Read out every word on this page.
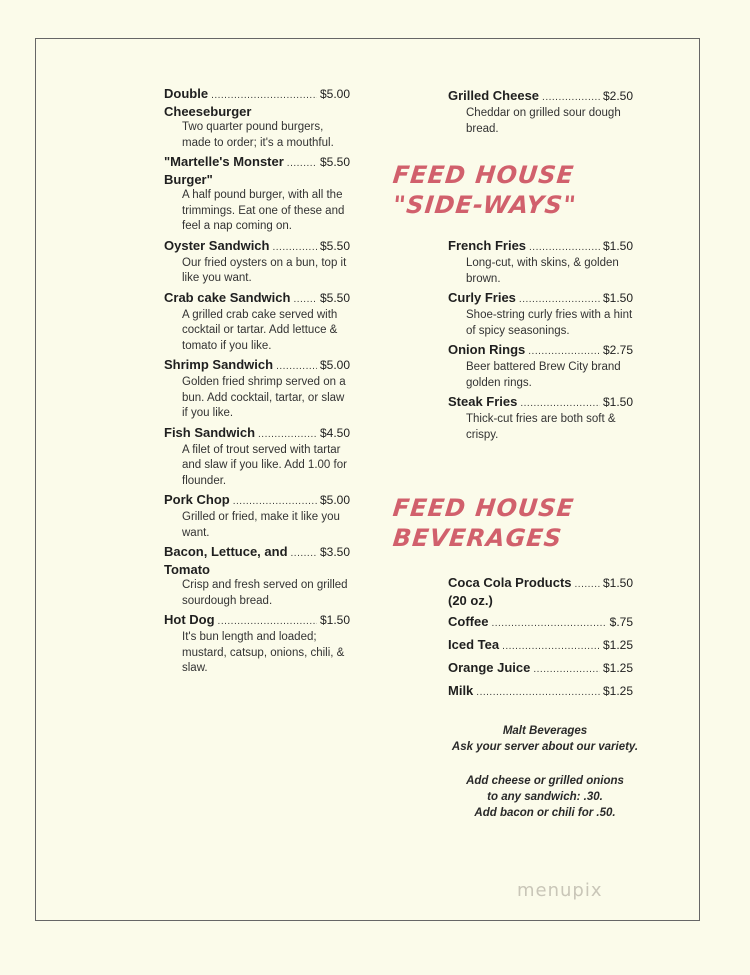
Double .....	$5.00
Cheeseburger
Two quarter pound burgers, made to order; it's a mouthful.
"Martelle's Monster .....	$5.50
Burger"
A half pound burger, with all the trimmings. Eat one of these and feel a nap coming on.
Oyster Sandwich .....	$5.50
Our fried oysters on a bun, top it like you want.
Crab cake Sandwich ..... $5.50
A grilled crab cake served with cocktail or tartar. Add lettuce & tomato if you like.
Shrimp Sandwich .....	$5.00
Golden fried shrimp served on a bun. Add cocktail, tartar, or slaw if you like.
Fish Sandwich .....	$4.50
A filet of trout served with tartar and slaw if you like. Add 1.00 for flounder.
Pork Chop .....	$5.00
Grilled or fried, make it like you want.
Bacon, Lettuce, and .....	$3.50
Tomato
Crisp and fresh served on grilled sourdough bread.
Hot Dog .....	$1.50
It's bun length and loaded; mustard, catsup, onions, chili, & slaw.
Grilled Cheese .....	$2.50
Cheddar on grilled sour dough bread.
FEED HOUSE
"SIDE-WAYS"
French Fries .....	$1.50
Long-cut, with skins, & golden brown.
Curly Fries .....	$1.50
Shoe-string curly fries with a hint of spicy seasonings.
Onion Rings .....	$2.75
Beer battered Brew City brand golden rings.
Steak Fries .....	$1.50
Thick-cut fries are both soft & crispy.
FEED HOUSE
BEVERAGES
Coca Cola Products .....	$1.50
(20 oz.)
Coffee .....	$.75
Iced Tea .....	$1.25
Orange Juice .....	$1.25
Milk .....	$1.25
Malt Beverages
Ask your server about our variety.
Add cheese or grilled onions
to any sandwich: .30.
Add bacon or chili for .50.
menupix
